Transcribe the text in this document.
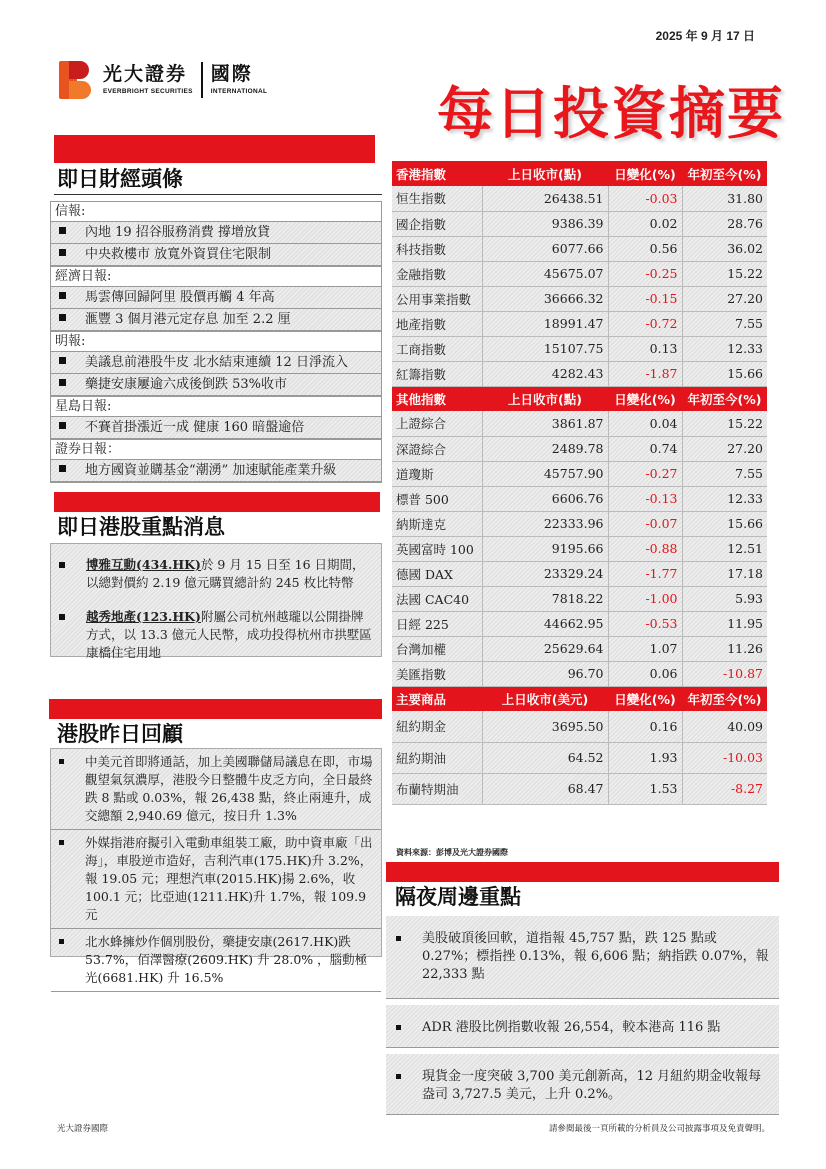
2025 年 9 月 17 日
光大證券
EVERBRIGHT SECURITIES
國際
INTERNATIONAL	每日投資摘要
即日財經頭條
信報:
內地 19 招谷服務消費 撐增放貸
中央救樓市 放寬外資買住宅限制
經濟日報:
馬雲傳回歸阿里 股價再觸 4 年高
滙豐 3 個月港元定存息 加至 2.2 厘
明報:
美議息前港股牛皮 北水結束連續 12 日淨流入
藥捷安康屢逾六成後倒跌 53%收市
星島日報:
不賽首掛漲近一成 健康 160 暗盤逾倍
證券日報：
地方國資並購基金“潮湧” 加速賦能產業升級
即日港股重點消息
博雅互動(434.HK)於 9 月 15 日至 16 日期間，以總對價約 2.19 億元購買總計約 245 枚比特幣
越秀地產(123.HK)附屬公司杭州越瓏以公開掛牌方式，以 13.3 億元人民幣，成功投得杭州市拱墅區康橋住宅用地
港股昨日回顧
中美元首即將通話，加上美國聯儲局議息在即，市場觀望氣氛濃厚，港股今日整體牛皮乏方向，全日最終跌 8 點或 0.03%，報 26,438 點，終止兩連升，成交總額 2,940.69 億元，按日升 1.3%
外媒指港府擬引入電動車組裝工廠，助中資車廠「出海」，車股逆市造好，吉利汽車(175.HK)升 3.2%，報 19.05 元；理想汽車(2015.HK)揚 2.6%，收 100.1 元；比亞迪(1211.HK)升 1.7%，報 109.9 元
北水蜂擁炒作個別股份，藥捷安康(2617.HK)跌 53.7%，佰澤醫療(2609.HK) 升 28.0% ，腦動極光(6681.HK) 升 16.5%
香港指數	上日收市(點)	日變化(%)	年初至今(%)
恒生指數	26438.51	-0.03	31.80
國企指數	9386.39	0.02	28.76
科技指數	6077.66	0.56	36.02
金融指數	45675.07	-0.25	15.22
公用事業指數	36666.32	-0.15	27.20
地產指數	18991.47	-0.72	7.55
工商指數	15107.75	0.13	12.33
紅籌指數	4282.43	-1.87	15.66
其他指數	上日收市(點)	日變化(%)	年初至今(%)
上證綜合	3861.87	0.04	15.22
深證綜合	2489.78	0.74	27.20
道瓊斯	45757.90	-0.27	7.55
標普 500	6606.76	-0.13	12.33
納斯達克	22333.96	-0.07	15.66
英國富時 100	9195.66	-0.88	12.51
德國 DAX	23329.24	-1.77	17.18
法國 CAC40	7818.22	-1.00	5.93
日經 225	44662.95	-0.53	11.95
台灣加權	25629.64	1.07	11.26
美匯指數	96.70	0.06	-10.87
主要商品	上日收市(美元)	日變化(%)	年初至今(%)
紐約期金	3695.50	0.16	40.09
紐約期油	64.52	1.93	-10.03
布蘭特期油	68.47	1.53	-8.27
資料來源：彭博及光大證券國際
隔夜周邊重點
美股破頂後回軟，道指報 45,757 點，跌 125 點或 0.27%；標指挫 0.13%，報 6,606 點；納指跌 0.07%，報 22,333 點
ADR 港股比例指數收報 26,554，較本港高 116 點
現貨金一度突破 3,700 美元創新高，12 月紐約期金收報每盎司 3,727.5 美元，上升 0.2%。
光大證券國際	請參閱最後一頁所載的分析員及公司披露事項及免責聲明。
